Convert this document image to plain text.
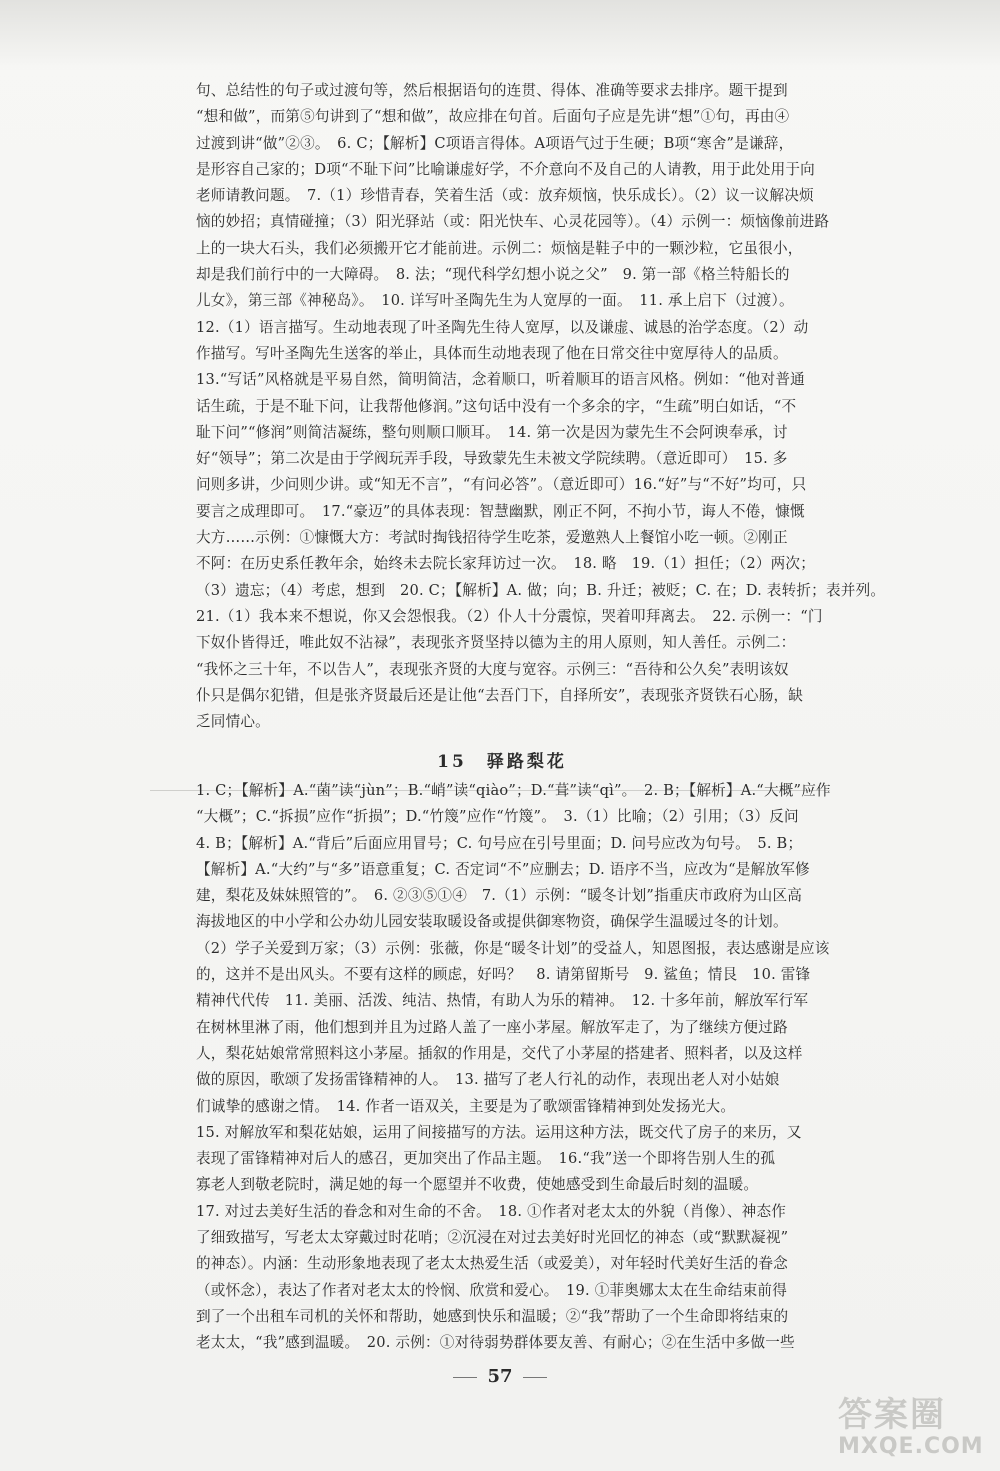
句、总结性的句子或过渡句等，然后根据语句的连贯、得体、准确等要求去排序。题干提到
“想和做”，而第⑤句讲到了“想和做”，故应排在句首。后面句子应是先讲“想”①句，再由④
过渡到讲“做”②③。　6. C；【解析】C项语言得体。A项语气过于生硬；B项“寒舍”是谦辞，
是形容自己家的；D项“不耻下问”比喻谦虚好学，不介意向不及自己的人请教，用于此处用于向
老师请教问题。　7.（1）珍惜青春，笑着生活（或：放弃烦恼，快乐成长）。（2）议一议解决烦
恼的妙招；真情碰撞；（3）阳光驿站（或：阳光快车、心灵花园等）。（4）示例一：烦恼像前进路
上的一块大石头，我们必须搬开它才能前进。示例二：烦恼是鞋子中的一颗沙粒，它虽很小，
却是我们前行中的一大障碍。　8. 法；“现代科学幻想小说之父”　9. 第一部《格兰特船长的
儿女》，第三部《神秘岛》。　10. 详写叶圣陶先生为人宽厚的一面。　11. 承上启下（过渡）。
12.（1）语言描写。生动地表现了叶圣陶先生待人宽厚，以及谦虚、诚恳的治学态度。（2）动
作描写。写叶圣陶先生送客的举止，具体而生动地表现了他在日常交往中宽厚待人的品质。
13.“写话”风格就是平易自然，简明简洁，念着顺口，听着顺耳的语言风格。例如：“他对普通
话生疏，于是不耻下问，让我帮他修润。”这句话中没有一个多余的字，“生疏”明白如话，“不
耻下问”“修润”则简洁凝练，整句则顺口顺耳。　14. 第一次是因为蒙先生不会阿谀奉承，讨
好“领导”；第二次是由于学阀玩弄手段，导致蒙先生未被文学院续聘。（意近即可）　15. 多
问则多讲，少问则少讲。或“知无不言”，“有问必答”。（意近即可）16.“好”与“不好”均可，只
要言之成理即可。　17.“豪迈”的具体表现：智慧幽默，刚正不阿，不拘小节，诲人不倦，慷慨
大方……示例：①慷慨大方：考試时掏钱招待学生吃茶，爱邀熟人上餐馆小吃一顿。②刚正
不阿：在历史系任教年余，始终未去院长家拜访过一次。　18. 略　19.（1）担任；（2）两次；
（3）遗忘；（4）考虑，想到　20. C；【解析】A. 做；向；B. 升迁；被贬；C. 在；D. 表转折；表并列。
21.（1）我本来不想说，你又会怨恨我。（2）仆人十分震惊，哭着叩拜离去。　22. 示例一：“门
下奴仆皆得迁，唯此奴不沾禄”，表现张齐贤坚持以德为主的用人原则，知人善任。示例二：
“我怀之三十年，不以告人”，表现张齐贤的大度与宽容。示例三：“吾待和公久矣”表明该奴
仆只是偶尔犯错，但是张齐贤最后还是让他“去吾门下，自择所安”，表现张齐贤铁石心肠，缺
乏同情心。
15　驿路梨花
1. C；【解析】A.“菌”读“jùn”；B.“峭”读“qiào”；D.“葺”读“qì”。　2. B；【解析】A.“大概”应作
“大概”；C.“拆损”应作“折损”；D.“竹篾”应作“竹篾”。　3.（1）比喻；（2）引用；（3）反问
4. B；【解析】A.“背后”后面应用冒号；C. 句号应在引号里面；D. 问号应改为句号。　5. B；
【解析】A.“大约”与“多”语意重复；C. 否定词“不”应删去；D. 语序不当，应改为“是解放军修
建，梨花及妹妹照管的”。　6. ②③⑤①④　7.（1）示例：“暖冬计划”指重庆市政府为山区高
海拔地区的中小学和公办幼儿园安装取暖设备或提供御寒物资，确保学生温暖过冬的计划。
（2）学子关爱到万家；（3）示例：张薇，你是“暖冬计划”的受益人，知恩图报，表达感谢是应该
的，这并不是出风头。不要有这样的顾虑，好吗？　8. 请第留斯号　9. 鲨鱼；情艮　10. 雷锋
精神代代传　11. 美丽、活泼、纯洁、热情，有助人为乐的精神。　12. 十多年前，解放军行军
在树林里淋了雨，他们想到并且为过路人盖了一座小茅屋。解放军走了，为了继续方便过路
人，梨花姑娘常常照料这小茅屋。插叙的作用是，交代了小茅屋的搭建者、照料者，以及这样
做的原因，歌颂了发扬雷锋精神的人。　13. 描写了老人行礼的动作，表现出老人对小姑娘
们诚挚的感谢之情。　14. 作者一语双关，主要是为了歌颂雷锋精神到处发扬光大。
15. 对解放军和梨花姑娘，运用了间接描写的方法。运用这种方法，既交代了房子的来历，又
表现了雷锋精神对后人的感召，更加突出了作品主题。　16.“我”送一个即将告别人生的孤
寡老人到敬老院时，满足她的每一个愿望并不收费，使她感受到生命最后时刻的温暖。
17. 对过去美好生活的眷念和对生命的不舍。　18. ①作者对老太太的外貌（肖像）、神态作
了细致描写，写老太太穿戴过时花哨；②沉浸在对过去美好时光回忆的神态（或“默默凝视”
的神态）。内涵：生动形象地表现了老太太热爱生活（或爱美），对年轻时代美好生活的眷念
（或怀念），表达了作者对老太太的怜悯、欣赏和爱心。　19. ①菲奥娜太太在生命结束前得
到了一个出租车司机的关怀和帮助，她感到快乐和温暖；②“我”帮助了一个生命即将结束的
老太太，“我”感到温暖。　20. 示例：①对待弱势群体要友善、有耐心；②在生活中多做一些
57
答案圈
MXQE.COM
